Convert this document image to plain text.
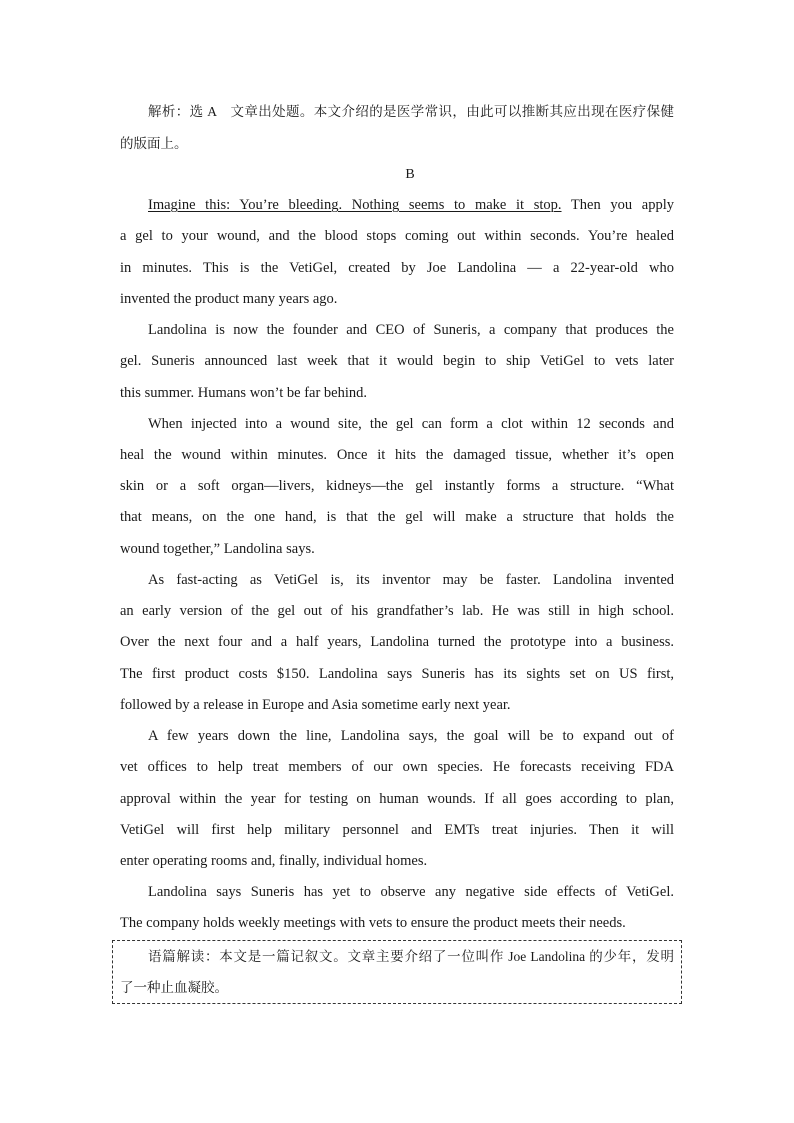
解析：选 A　文章出处题。本文介绍的是医学常识，由此可以推断其应出现在医疗保健
的版面上。
B
Imagine this: You’re bleeding. Nothing seems to make it stop. Then you apply
a gel to your wound, and the blood stops coming out within seconds. You’re healed
in minutes. This is the VetiGel, created by Joe Landolina — a 22-year-old who
invented the product many years ago.
Landolina is now the founder and CEO of Suneris, a company that produces the
gel. Suneris announced last week that it would begin to ship VetiGel to vets later
this summer. Humans won’t be far behind.
When injected into a wound site, the gel can form a clot within 12 seconds and
heal the wound within minutes. Once it hits the damaged tissue, whether it’s open
skin or a soft organ—livers, kidneys—the gel instantly forms a structure. “What
that means, on the one hand, is that the gel will make a structure that holds the
wound together,” Landolina says.
As fast-acting as VetiGel is, its inventor may be faster. Landolina invented
an early version of the gel out of his grandfather’s lab. He was still in high school.
Over the next four and a half years, Landolina turned the prototype into a business.
The first product costs $150. Landolina says Suneris has its sights set on US first,
followed by a release in Europe and Asia sometime early next year.
A few years down the line, Landolina says, the goal will be to expand out of
vet offices to help treat members of our own species. He forecasts receiving FDA
approval within the year for testing on human wounds. If all goes according to plan,
VetiGel will first help military personnel and EMTs treat injuries. Then it will
enter operating rooms and, finally, individual homes.
Landolina says Suneris has yet to observe any negative side effects of VetiGel.
The company holds weekly meetings with vets to ensure the product meets their needs.
语篇解读：本文是一篇记叙文。文章主要介绍了一位叫作 Joe Landolina 的少年，发明
了一种止血凝胶。
